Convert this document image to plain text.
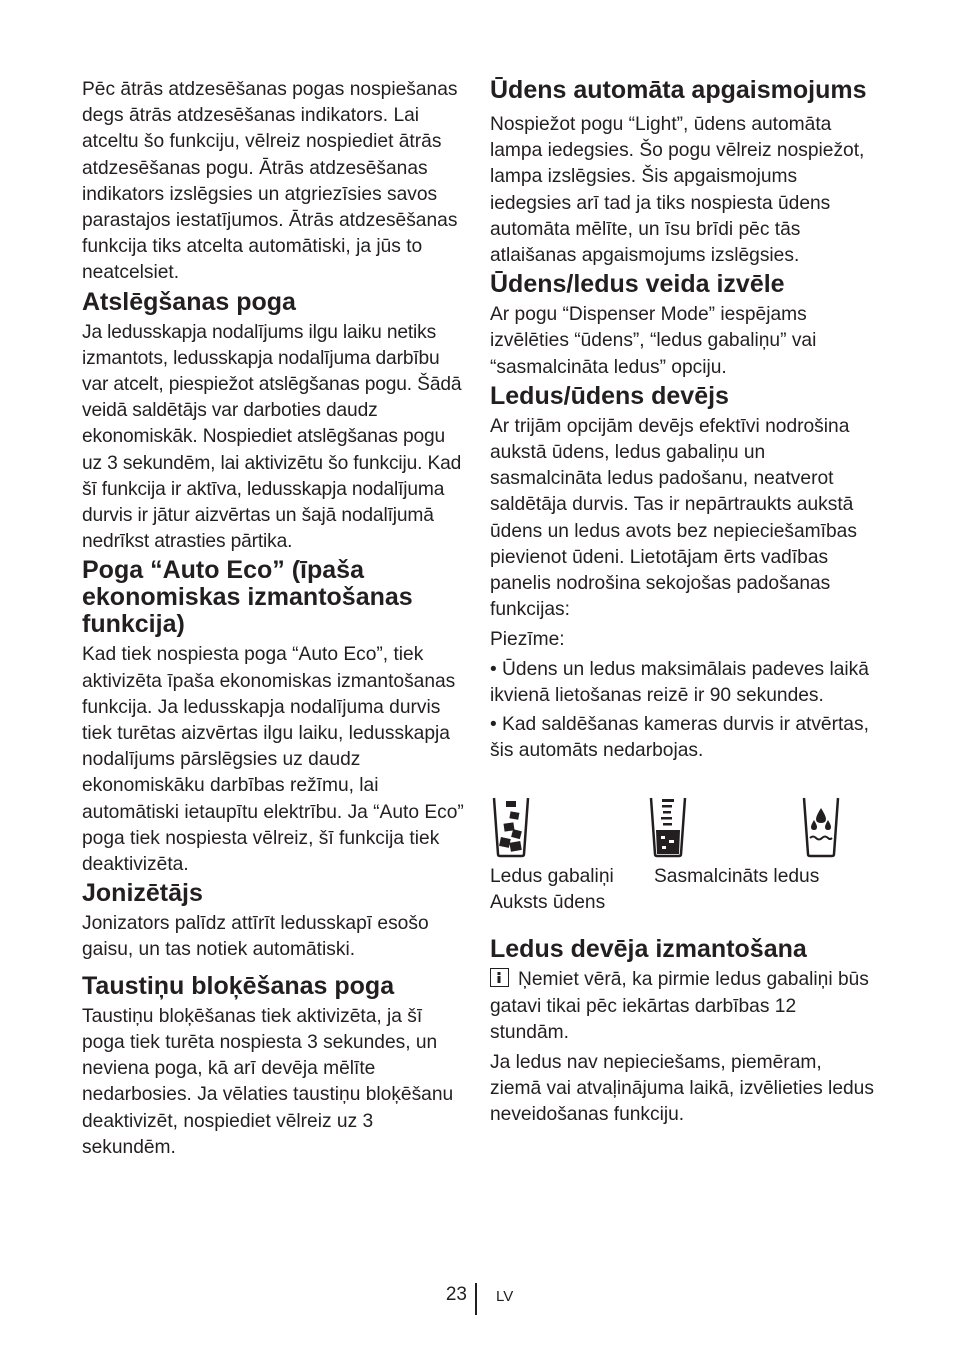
Pēc ātrās atdzesēšanas pogas nospiešanas degs ātrās atdzesēšanas indikators. Lai atceltu šo funkciju, vēlreiz nospiediet ātrās atdzesēšanas pogu. Ātrās atdzesēšanas indikators izslēgsies un atgriezīsies savos parastajos iestatījumos. Ātrās atdzesēšanas funkcija tiks atcelta automātiski, ja jūs to neatcelsiet.

Atslēgšanas poga

Ja ledusskapja nodalījums ilgu laiku netiks izmantots, ledusskapja nodalījuma darbību var atcelt, piespiežot atslēgšanas pogu. Šādā veidā saldētājs var darboties daudz ekonomiskāk. Nospiediet atslēgšanas pogu uz 3 sekundēm, lai aktivizētu šo funkciju. Kad šī funkcija ir aktīva, ledusskapja nodalījuma durvis ir jātur aizvērtas un šajā nodalījumā nedrīkst atrasties pārtika.

Poga “Auto Eco” (īpaša ekonomiskas izmantošanas funkcija)

Kad tiek nospiesta poga “Auto Eco”, tiek aktivizēta īpaša ekonomiskas izmantošanas funkcija. Ja ledusskapja nodalījuma durvis tiek turētas aizvērtas ilgu laiku, ledusskapja nodalījums pārslēgsies uz daudz ekonomiskāku darbības režīmu, lai automātiski ietaupītu elektrību. Ja “Auto Eco” poga tiek nospiesta vēlreiz, šī funkcija tiek deaktivizēta.

Jonizētājs

Jonizators palīdz attīrīt ledusskapī esošo gaisu, un tas notiek automātiski.

Taustiņu bloķēšanas poga

Taustiņu bloķēšanas tiek aktivizēta, ja šī poga tiek turēta nospiesta 3 sekundes, un neviena poga, kā arī devēja mēlīte nedarbosies. Ja vēlaties taustiņu bloķēšanu deaktivizēt, nospiediet vēlreiz uz 3 sekundēm.

Ūdens automāta apgaismojums

Nospiežot pogu “Light”, ūdens automāta lampa iedegsies. Šo pogu vēlreiz nospiežot, lampa izslēgsies. Šis apgaismojums iedegsies arī tad ja tiks nospiesta ūdens automāta mēlīte, un īsu brīdi pēc tās atlaišanas apgaismojums izslēgsies.

Ūdens/ledus veida izvēle

Ar pogu “Dispenser Mode” iespējams izvēlēties “ūdens”, “ledus gabaliņu” vai “sasmalcināta ledus” opciju.

Ledus/ūdens devējs

Ar trijām opcijām devējs efektīvi nodrošina aukstā ūdens, ledus gabaliņu un sasmalcināta ledus padošanu, neatverot saldētāja durvis. Tas ir nepārtraukts aukstā ūdens un ledus avots bez nepieciešamības pievienot ūdeni. Lietotājam ērts vadības panelis nodrošina sekojošas padošanas funkcijas:

Piezīme:

• Ūdens un ledus maksimālais padeves laikā ikvienā lietošanas reizē ir 90 sekundes.

• Kad saldēšanas kameras durvis ir atvērtas, šis automāts nedarbojas.

Ledus gabaliņi Sasmalcināts ledus
Auksts ūdens
Ledus devēja izmantošana

Ņemiet vērā, ka pirmie ledus gabaliņi būs gatavi tikai pēc iekārtas darbības 12 stundām.

Ja ledus nav nepieciešams, piemēram, ziemā vai atvaļinājuma laikā, izvēlieties ledus neveidošanas funkciju.

23 LV
